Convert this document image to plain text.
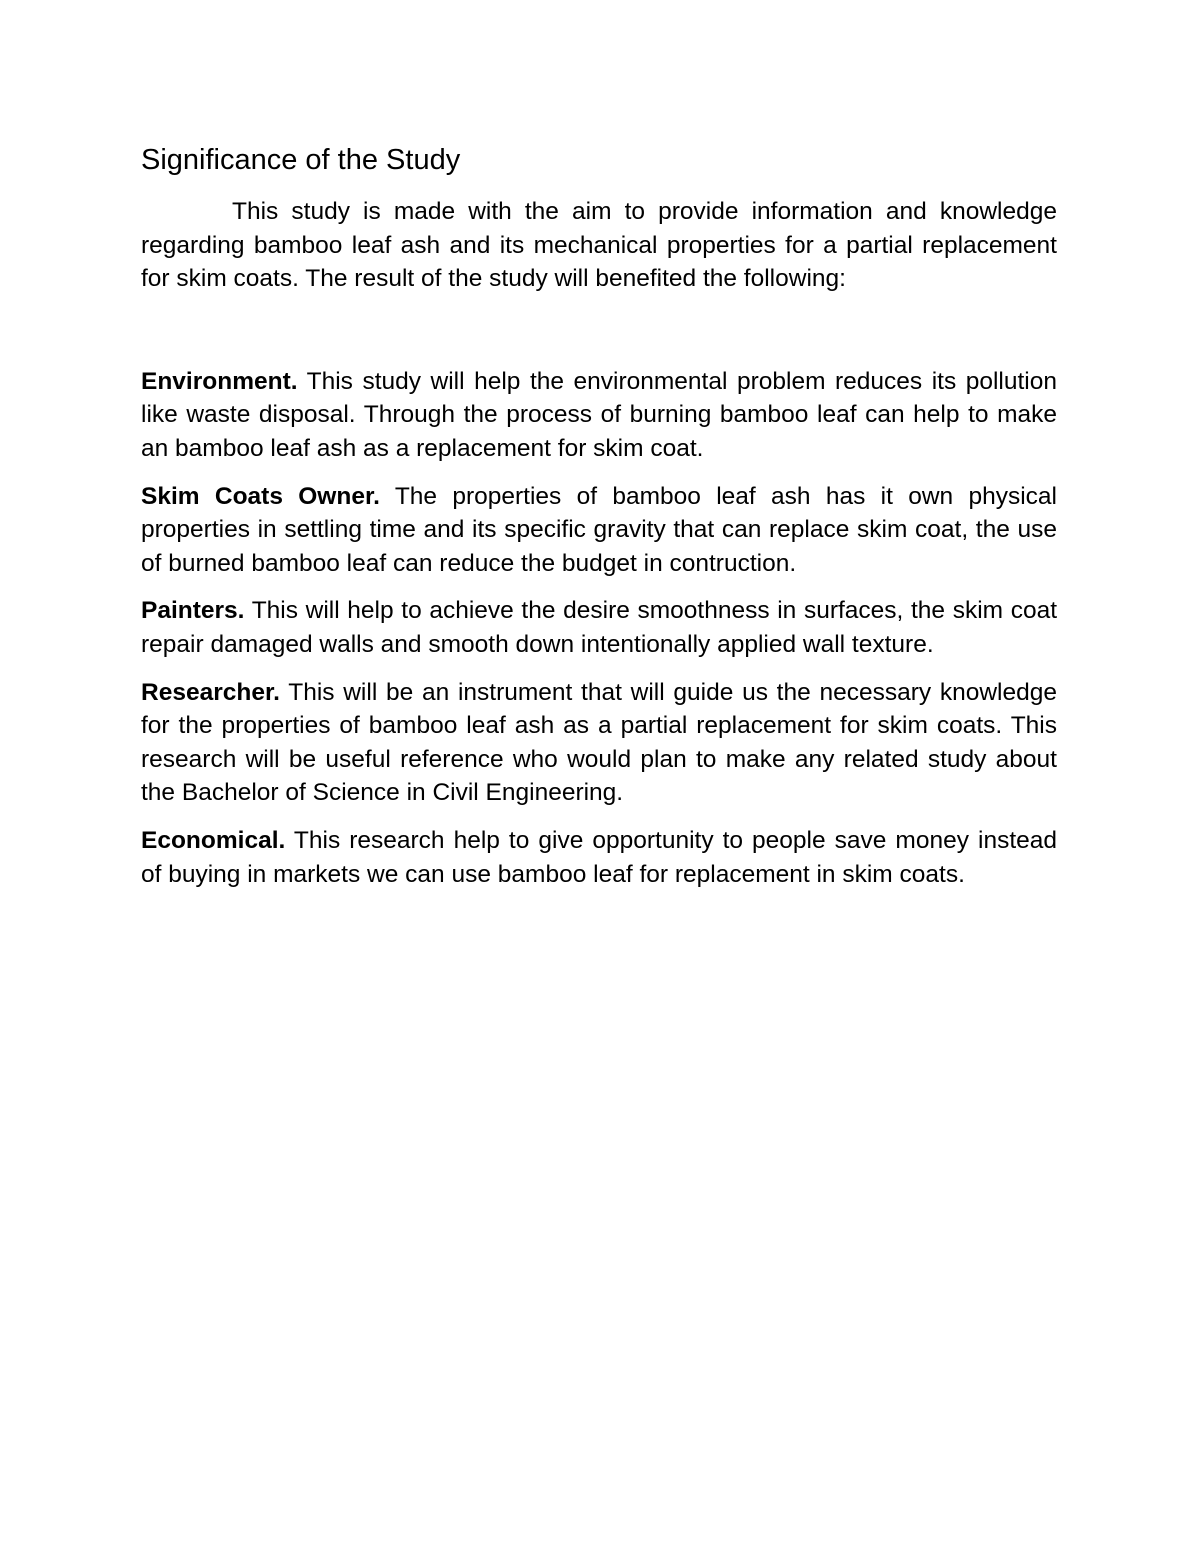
Significance of the Study

This study is made with the aim to provide information and knowledge regarding bamboo leaf ash and its mechanical properties for a partial replacement for skim coats. The result of the study will benefited the following:

Environment. This study will help the environmental problem reduces its pollution like waste disposal. Through the process of burning bamboo leaf can help to make an bamboo leaf ash as a replacement for skim coat.

Skim Coats Owner. The properties of bamboo leaf ash has it own physical properties in settling time and its specific gravity that can replace skim coat, the use of burned bamboo leaf can reduce the budget in contruction.

Painters. This will help to achieve the desire smoothness in surfaces, the skim coat repair damaged walls and smooth down intentionally applied wall texture.

Researcher. This will be an instrument that will guide us the necessary knowledge for the properties of bamboo leaf ash as a partial replacement for skim coats. This research will be useful reference who would plan to make any related study about the Bachelor of Science in Civil Engineering.

Economical. This research help to give opportunity to people save money instead of buying in markets we can use bamboo leaf for replacement in skim coats.
